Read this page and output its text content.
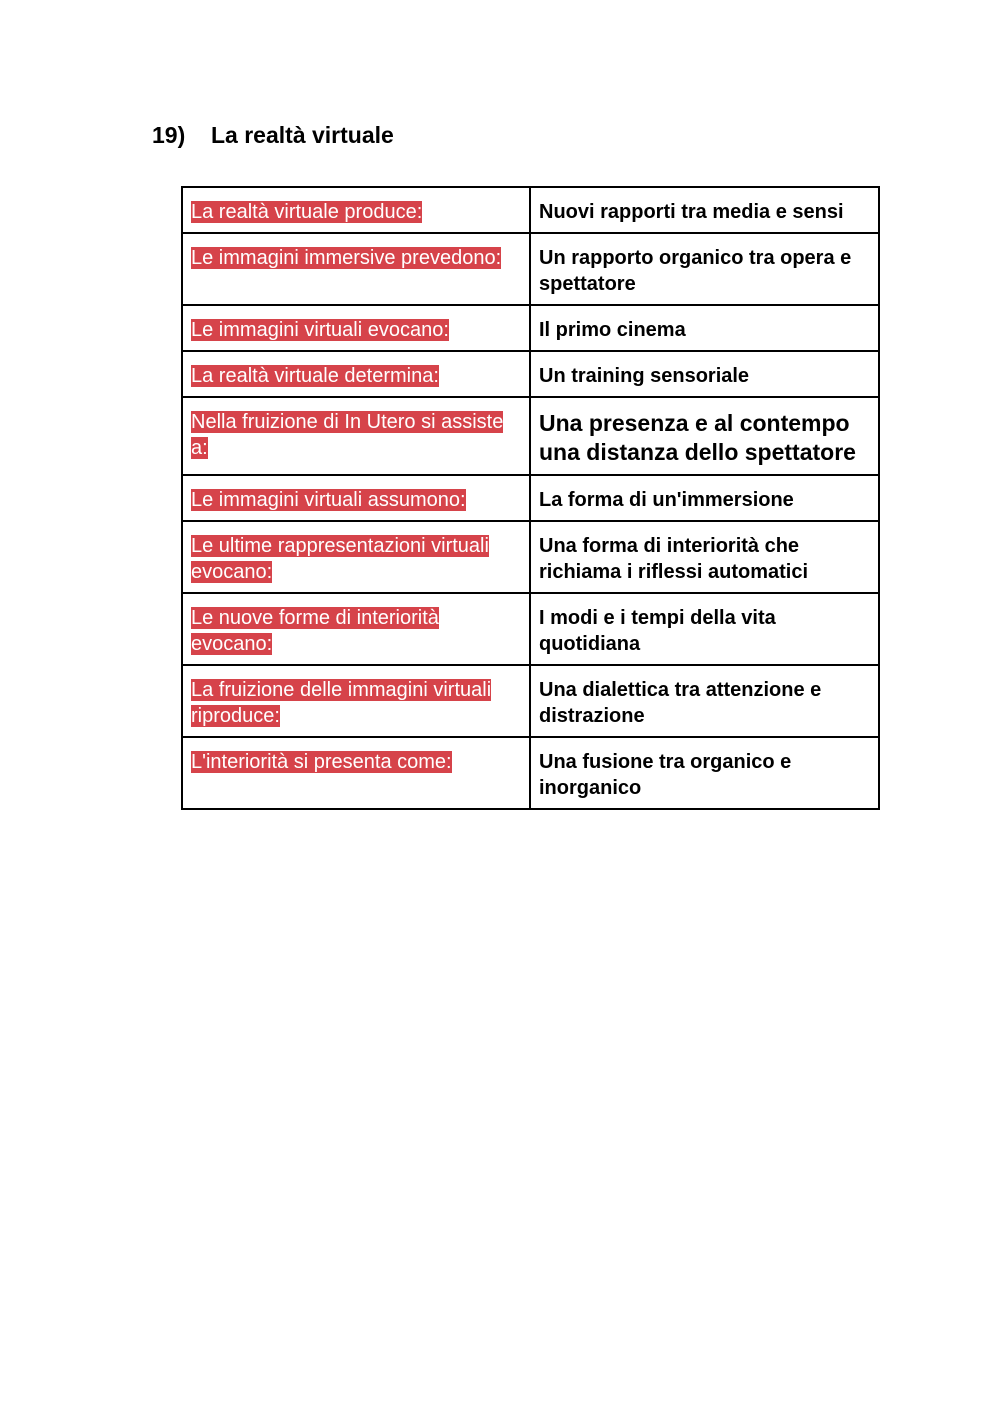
19) La realtà virtuale
La realtà virtuale produce:	Nuovi rapporti tra media e sensi
Le immagini immersive prevedono:	Un rapporto organico tra opera e spettatore
Le immagini virtuali evocano:	Il primo cinema
La realtà virtuale determina:	Un training sensoriale
Nella fruizione di In Utero si assiste a:	Una presenza e al contempo una distanza dello spettatore
Le immagini virtuali assumono:	La forma di un'immersione
Le ultime rappresentazioni virtuali evocano:	Una forma di interiorità che richiama i riflessi automatici
Le nuove forme di interiorità evocano:	I modi e i tempi della vita quotidiana
La fruizione delle immagini virtuali riproduce:	Una dialettica tra attenzione e distrazione
L'interiorità si presenta come:	Una fusione tra organico e inorganico
